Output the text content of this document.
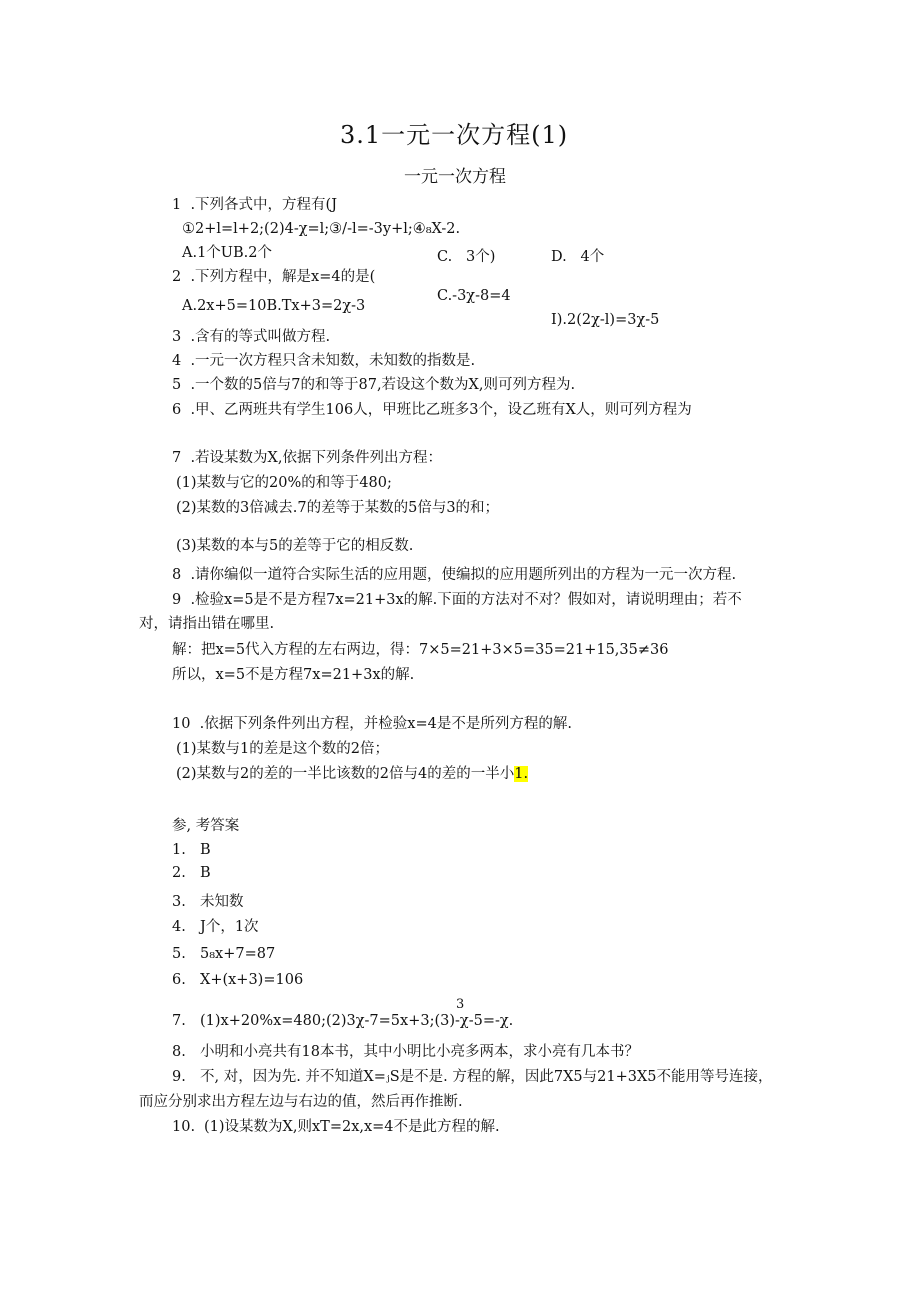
3.1一元一次方程(1)
一元一次方程
1  .下列各式中，方程有(J
①2+l=l+2;(2)4-χ=l;③/-l=-3y+l;④₈X-2.
A.1个UB.2个	C.   3个)	D.   4个
2  .下列方程中，解是x=4的是(
A.2x+5=10B.Tx+3=2χ-3
C.-3χ-8=4
I).2(2χ-l)=3χ-5
3  .含有的等式叫做方程.
4  .一元一次方程只含未知数，未知数的指数是.
5  .一个数的5倍与7的和等于87,若设这个数为X,则可列方程为.
6  .甲、乙两班共有学生106人，甲班比乙班多3个，设乙班有X人，则可列方程为
7  .若设某数为X,依据下列条件列出方程：
(1)某数与它的20%的和等于480;
(2)某数的3倍减去.7的差等于某数的5倍与3的和；
(3)某数的本与5的差等于它的相反数.
8  .请你编似一道符合实际生活的应用题，使编拟的应用题所列出的方程为一元一次方程.
9  .检验x=5是不是方程7x=21+3x的解.下面的方法对不对？假如对，请说明理由；若不
对，请指出错在哪里.
解：把x=5代入方程的左右两边，得：7×5=21+3×5=35=21+15,35≠36
所以，x=5不是方程7x=21+3x的解.
10  .依据下列条件列出方程，并检验x=4是不是所列方程的解.
(1)某数与1的差是这个数的2倍；
(2)某数与2的差的一半比该数的2倍与4的差的一半小1.
参, 考答案
1. B
2. B
3. 未知数
4. J个，1次
5. 5₈x+7=87
6. X+(x+3)=106
3
7. (1)x+20%x=480;(2)3χ-7=5x+3;(3)-χ-5=-χ.
8. 小明和小亮共有18本书，其中小明比小亮多两本，求小亮有几本书？
9. 不, 对，因为先. 并不知道X=ⱼS是不是. 方程的解，因此7X5与21+3X5不能用等号连接，
而应分别求出方程左边与右边的值，然后再作推断.
10. (1)设某数为X,则xT=2x,x=4不是此方程的解.
